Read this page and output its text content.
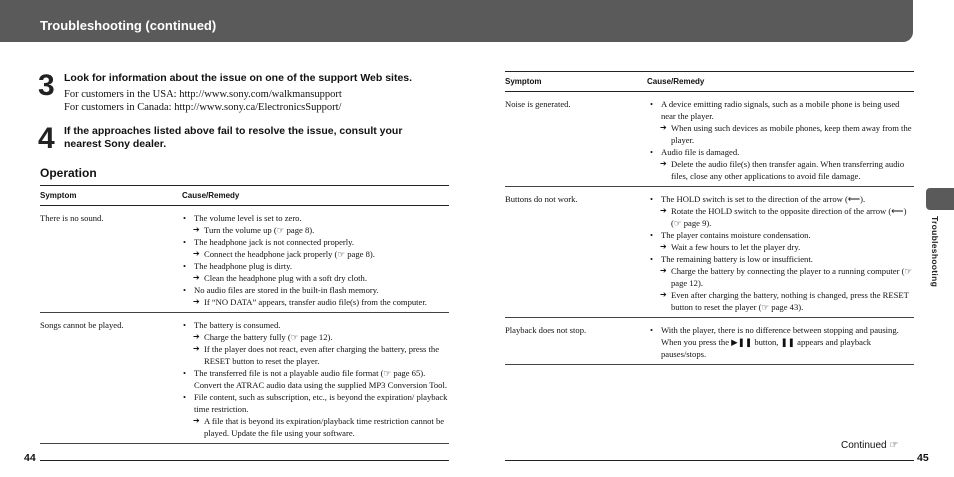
Troubleshooting (continued)
Troubleshooting
3 Look for information about the issue on one of the support Web sites.
For customers in the USA: http://www.sony.com/walkmansupport
For customers in Canada: http://www.sony.ca/ElectronicsSupport/
4 If the approaches listed above fail to resolve the issue, consult your nearest Sony dealer.
Operation
Symptom	Cause/Remedy
There is no sound.	• The volume level is set to zero.
➔ Turn the volume up (☞ page 8).
• The headphone jack is not connected properly.
➔ Connect the headphone jack properly (☞ page 8).
• The headphone plug is dirty.
➔ Clean the headphone plug with a soft dry cloth.
• No audio files are stored in the built-in flash memory.
➔ If “NO DATA” appears, transfer audio file(s) from the computer.
Songs cannot be played.	• The battery is consumed.
➔ Charge the battery fully (☞ page 12).
➔ If the player does not react, even after charging the battery, press the RESET button to reset the player.
• The transferred file is not a playable audio file format (☞ page 65). Convert the ATRAC audio data using the supplied MP3 Conversion Tool.
• File content, such as subscription, etc., is beyond the expiration/ playback time restriction.
➔ A file that is beyond its expiration/playback time restriction cannot be played. Update the file using your software.
Symptom	Cause/Remedy
Noise is generated.	• A device emitting radio signals, such as a mobile phone is being used near the player.
➔ When using such devices as mobile phones, keep them away from the player.
• Audio file is damaged.
➔ Delete the audio file(s) then transfer again. When transferring audio files, close any other applications to avoid file damage.
Buttons do not work.	• The HOLD switch is set to the direction of the arrow (⟵).
➔ Rotate the HOLD switch to the opposite direction of the arrow (⟵) (☞ page 9).
• The player contains moisture condensation.
➔ Wait a few hours to let the player dry.
• The remaining battery is low or insufficient.
➔ Charge the battery by connecting the player to a running computer (☞ page 12).
➔ Even after charging the battery, nothing is changed, press the RESET button to reset the player (☞ page 43).
Playback does not stop.	• With the player, there is no difference between stopping and pausing. When you press the ▶❚❚ button, ❚❚ appears and playback pauses/stops.
Continued ☞
44	45
